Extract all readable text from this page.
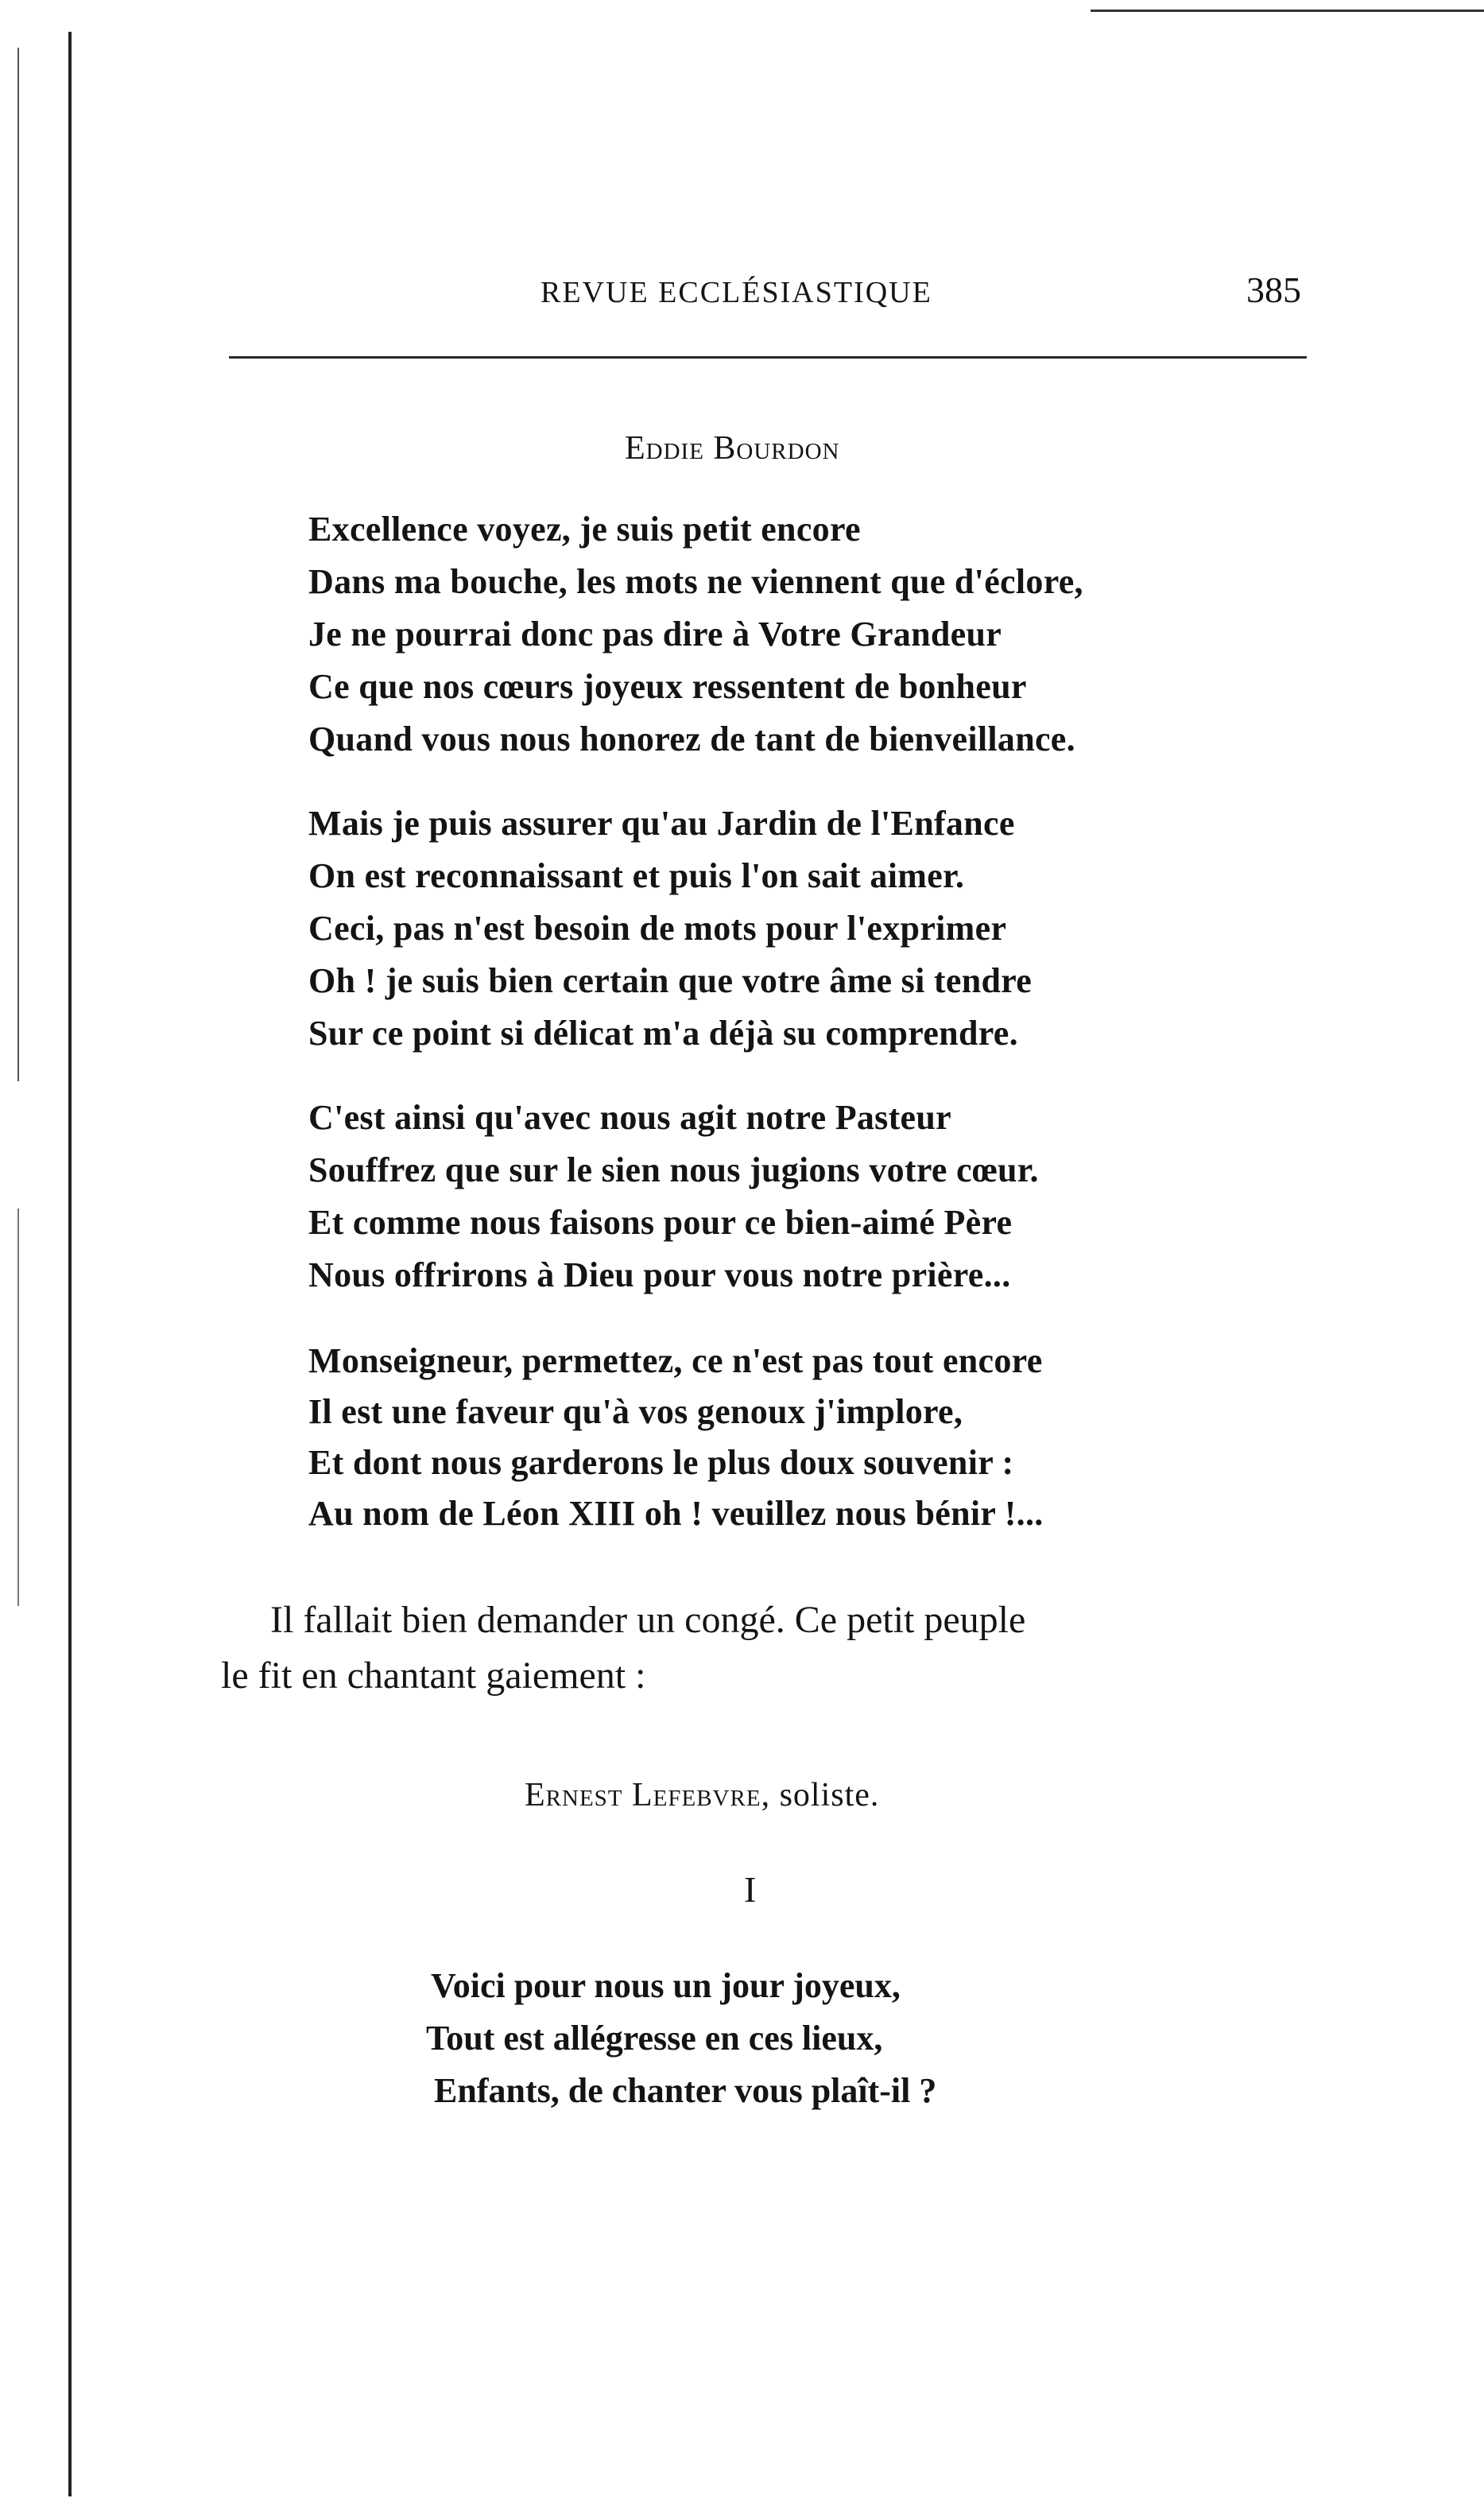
REVUE ECCLÉSIASTIQUE	385
Eddie Bourdon
Excellence voyez, je suis petit encore
Dans ma bouche, les mots ne viennent que d'éclore,
Je ne pourrai donc pas dire à Votre Grandeur
Ce que nos cœurs joyeux ressentent de bonheur
Quand vous nous honorez de tant de bienveillance.
Mais je puis assurer qu'au Jardin de l'Enfance
On est reconnaissant et puis l'on sait aimer.
Ceci, pas n'est besoin de mots pour l'exprimer
Oh ! je suis bien certain que votre âme si tendre
Sur ce point si délicat m'a déjà su comprendre.
C'est ainsi qu'avec nous agit notre Pasteur
Souffrez que sur le sien nous jugions votre cœur.
Et comme nous faisons pour ce bien-aimé Père
Nous offrirons à Dieu pour vous notre prière...
Monseigneur, permettez, ce n'est pas tout encore
Il est une faveur qu'à vos genoux j'implore,
Et dont nous garderons le plus doux souvenir :
Au nom de Léon XIII oh ! veuillez nous bénir !...
Il fallait bien demander un congé. Ce petit peuple
le fit en chantant gaiement :
Ernest Lefebvre, soliste.
I
Voici pour nous un jour joyeux,
Tout est allégresse en ces lieux,
Enfants, de chanter vous plaît-il ?
